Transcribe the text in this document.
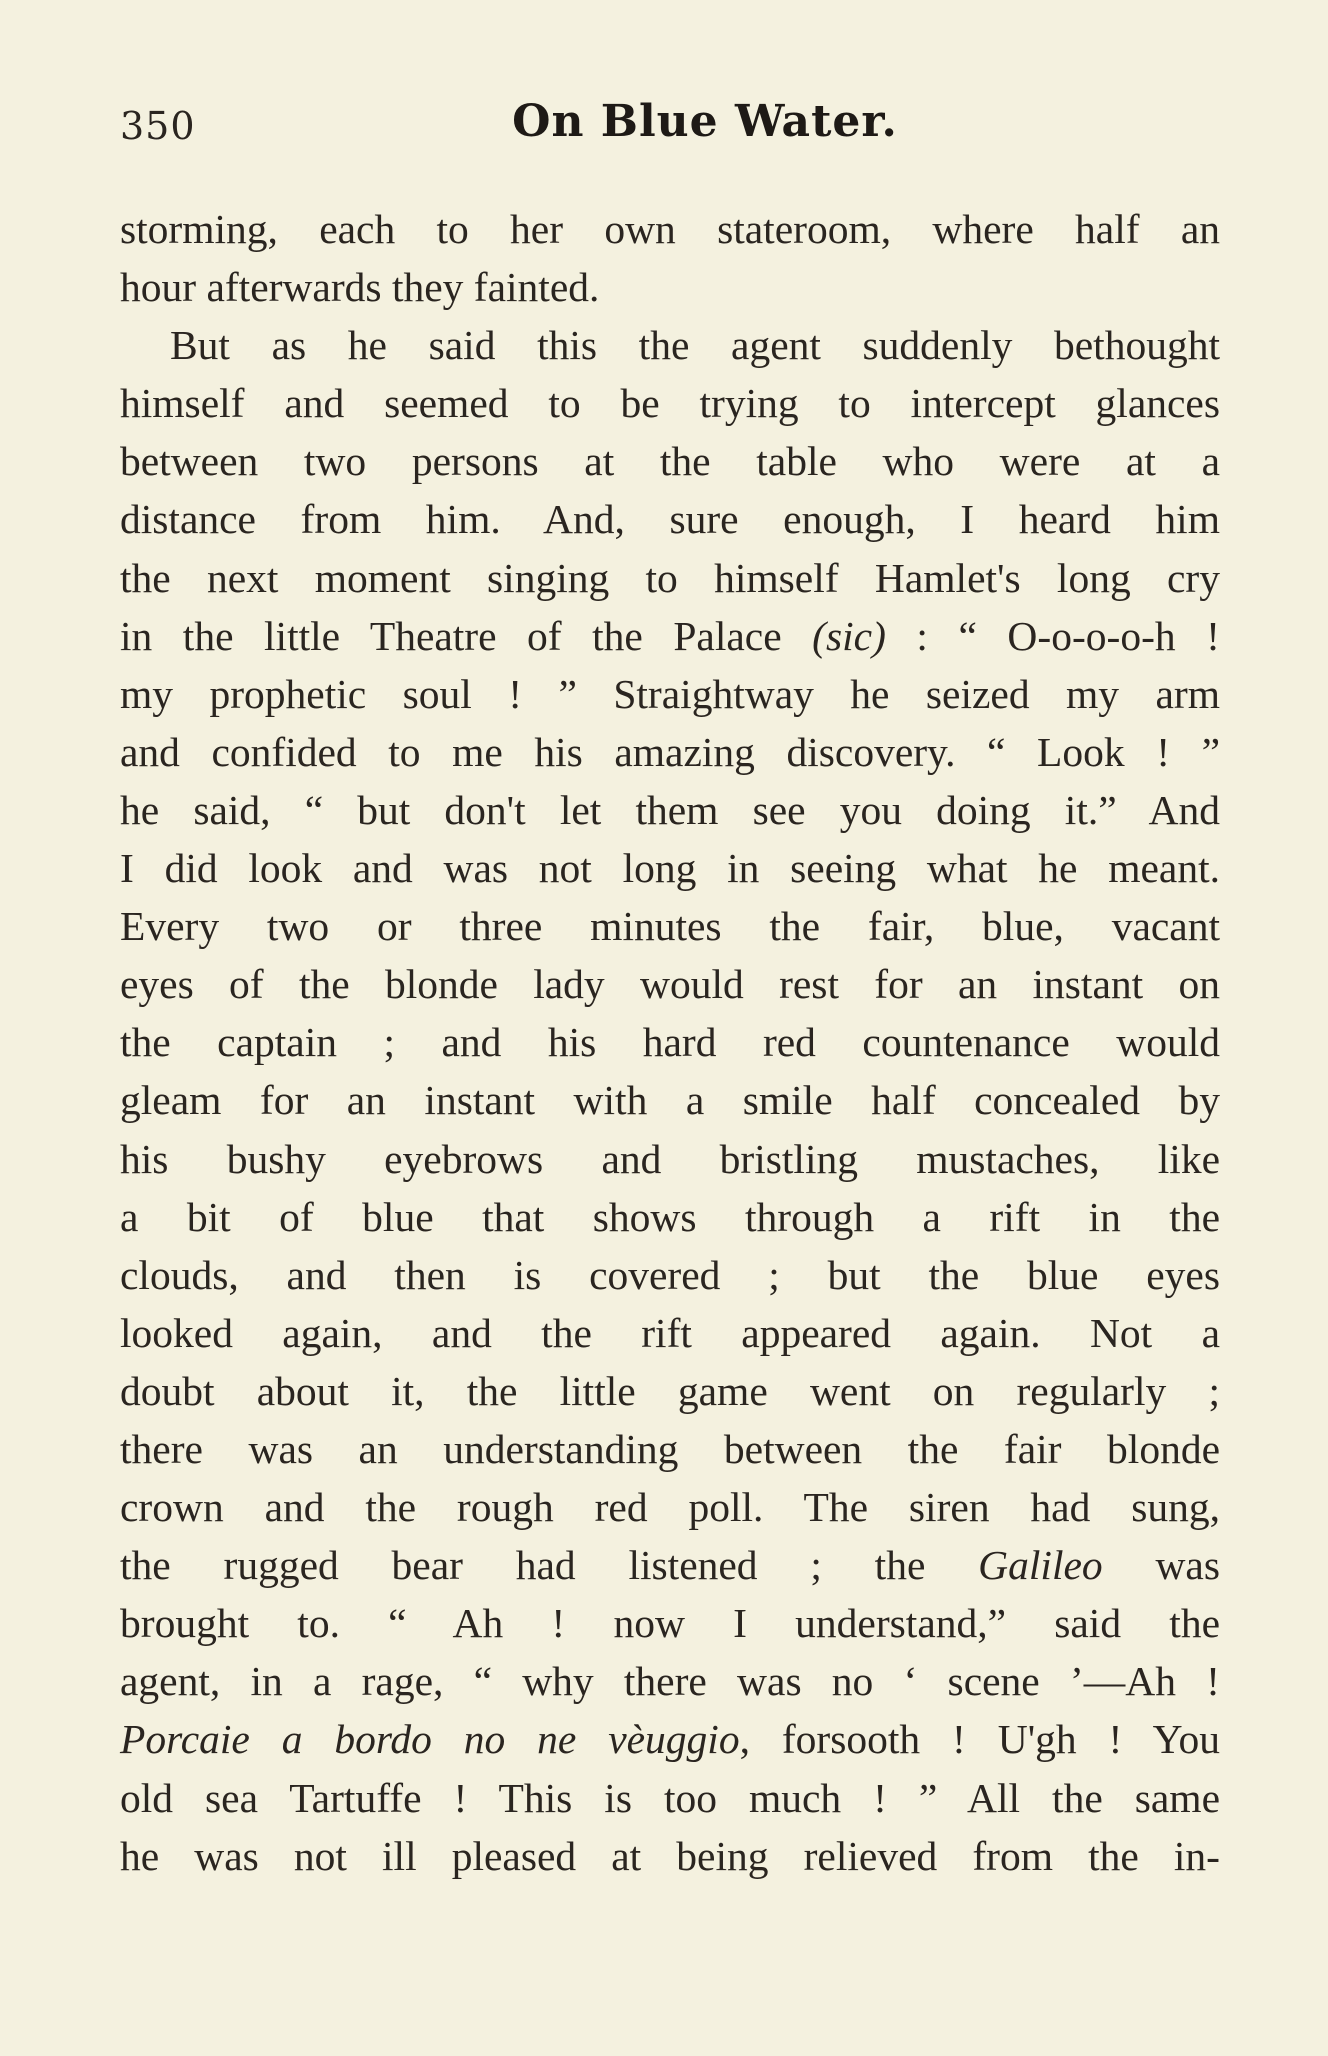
350	On Blue Water.
storming, each to her own stateroom, where half an
hour afterwards they fainted.
But as he said this the agent suddenly bethought
himself and seemed to be trying to intercept glances
between two persons at the table who were at a
distance from him. And, sure enough, I heard him
the next moment singing to himself Hamlet's long cry
in the little Theatre of the Palace (sic) : “ O-o-o-o-h !
my prophetic soul ! ” Straightway he seized my arm
and confided to me his amazing discovery. “ Look ! ”
he said, “ but don't let them see you doing it.” And
I did look and was not long in seeing what he meant.
Every two or three minutes the fair, blue, vacant
eyes of the blonde lady would rest for an instant on
the captain ; and his hard red countenance would
gleam for an instant with a smile half concealed by
his bushy eyebrows and bristling mustaches, like
a bit of blue that shows through a rift in the
clouds, and then is covered ; but the blue eyes
looked again, and the rift appeared again. Not a
doubt about it, the little game went on regularly ;
there was an understanding between the fair blonde
crown and the rough red poll. The siren had sung,
the rugged bear had listened ; the Galileo was
brought to. “ Ah ! now I understand,” said the
agent, in a rage, “ why there was no ‘ scene ’—Ah !
Porcaie a bordo no ne vèuggio, forsooth ! U'gh ! You
old sea Tartuffe ! This is too much ! ” All the same
he was not ill pleased at being relieved from the in-
